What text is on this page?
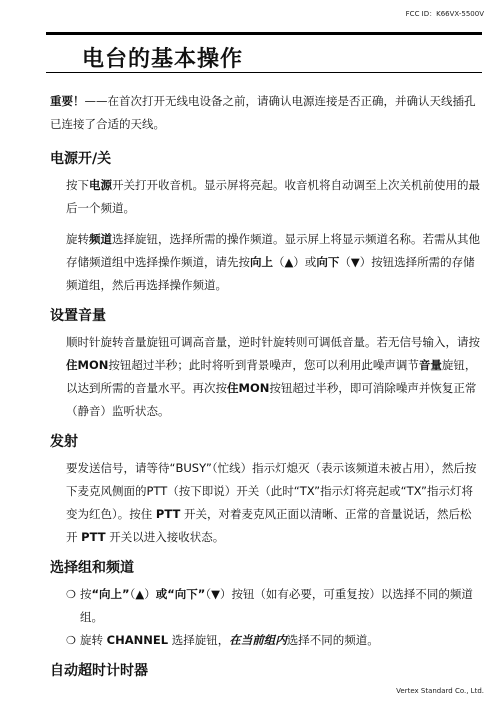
FCC ID：K66VX-5500V
电台的基本操作

重要！——在首次打开无线电设备之前，请确认电源连接是否正确，并确认天线插孔已连接了合适的天线。

电源开/关

按下电源开关打开收音机。显示屏将亮起。收音机将自动调至上次关机前使用的最后一个频道。

旋转频道选择旋钮，选择所需的操作频道。显示屏上将显示频道名称。若需从其他存储频道组中选择操作频道，请先按向上（▲）或向下（▼）按钮选择所需的存储频道组，然后再选择操作频道。

设置音量

顺时针旋转音量旋钮可调高音量，逆时针旋转则可调低音量。若无信号输入，请按住MON按钮超过半秒；此时将听到背景噪声，您可以利用此噪声调节音量旋钮，以达到所需的音量水平。再次按住MON按钮超过半秒，即可消除噪声并恢复正常（静音）监听状态。

发射

要发送信号，请等待“BUSY”（忙线）指示灯熄灭（表示该频道未被占用），然后按下麦克风侧面的PTT（按下即说）开关（此时“TX”指示灯将亮起或“TX”指示灯将变为红色）。按住 PTT 开关，对着麦克风正面以清晰、正常的音量说话，然后松开 PTT 开关以进入接收状态。

选择组和频道
❍ 按“向上”（▲）或“向下”（▼）按钮（如有必要，可重复按）以选择不同的频道组。

❍ 旋转 CHANNEL 选择旋钮，在当前组内选择不同的频道。

自动超时计时器
Vertex Standard Co., Ltd.
